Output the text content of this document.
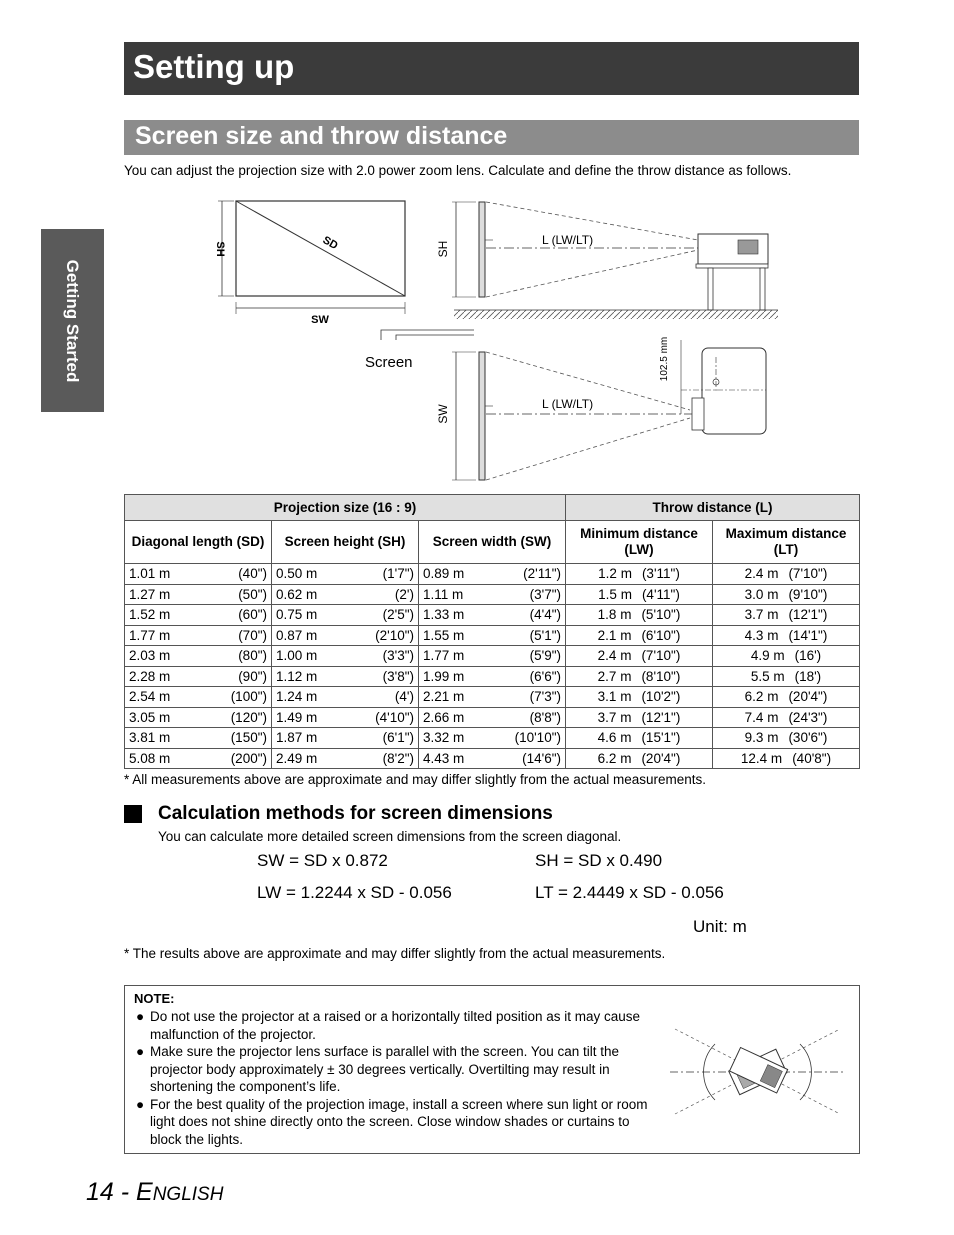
Setting up
Getting Started
Screen size and throw distance
You can adjust the projection size with 2.0 power zoom lens. Calculate and define the throw distance as follows.
SH	SD
SW
SH
L (LW/LT)
Screen
SW
L (LW/LT)
102.5 mm
Projection size (16 : 9)			Throw distance (L)	
Diagonal length (SD)	Screen height (SH)	Screen width (SW)	Minimum distance (LW)	Maximum distance (LT)

1.01 m (40")	0.50 m (1'7")	0.89 m (2'11")	1.2 m (3'11")	2.4 m (7'10")

1.27 m (50")	0.62 m (2')	1.11 m (3'7")	1.5 m (4'11")	3.0 m (9'10")

1.52 m (60")	0.75 m (2'5")	1.33 m (4'4")	1.8 m (5'10")	3.7 m (12'1")

1.77 m (70")	0.87 m (2'10")	1.55 m (5'1")	2.1 m (6'10")	4.3 m (14'1")

2.03 m (80")	1.00 m (3'3")	1.77 m (5'9")	2.4 m (7'10")	4.9 m (16')

2.28 m (90")	1.12 m (3'8")	1.99 m (6'6")	2.7 m (8'10")	5.5 m (18')

2.54 m (100")	1.24 m (4')	2.21 m (7'3")	3.1 m (10'2")	6.2 m (20'4")

3.05 m (120")	1.49 m (4'10")	2.66 m (8'8")	3.7 m (12'1")	7.4 m (24'3")

3.81 m (150")	1.87 m (6'1")	3.32 m (10'10")	4.6 m (15'1")	9.3 m (30'6")

5.08 m (200")	2.49 m (8'2")	4.43 m (14'6")	6.2 m (20'4")	12.4 m (40'8")
* All measurements above are approximate and may differ slightly from the actual measurements.
Calculation methods for screen dimensions
You can calculate more detailed screen dimensions from the screen diagonal.
SW = SD x 0.872	SH = SD x 0.490
LW = 1.2244 x SD - 0.056	LT = 2.4449 x SD - 0.056
Unit: m
* The results above are approximate and may differ slightly from the actual measurements.
NOTE:
● Do not use the projector at a raised or a horizontally tilted position as it may cause malfunction of the projector.
● Make sure the projector lens surface is parallel with the screen. You can tilt the projector body approximately ± 30 degrees vertically. Overtilting may result in shortening the component’s life.
● For the best quality of the projection image, install a screen where sun light or room light does not shine directly onto the screen. Close window shades or curtains to block the lights.
14 - ENGLISH
